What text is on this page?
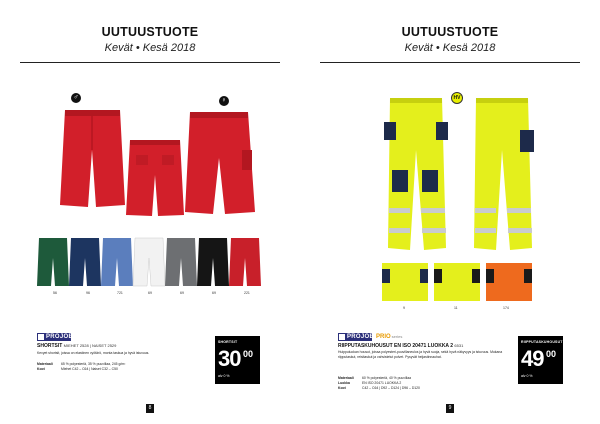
UUTUUSTUOTE
Kevät • Kesä 2018
♂	♀
56	96	721	69	69	69	221
PROJOB
SHORTSIT MIEHET 2528 | NAISET 2529
Kevyet shortsit, joissa on elastinen vyötärö, monta taskua ja hyvä istuvuus.
Materiaali 65 % polyesteriä, 35 % puuvillaa, 245 g/m²
Koot	Miehet C42 – C64 | Naiset C32 – C50
SHORTSIT
30 00
alv 0 %
8
UUTUUSTUOTE
Kevät • Kesä 2018
HV
9	11	174
PROJOB PRIOseries
RIIPPUTASKUHOUSUT EN ISO 20471 LUOKKA 2 6531
Huippuluokan housut, joissa polyesteri-puuvillaneulos ja hyvä suoja, sekä hyvä näkyvyys ja istuvuus. Mukana riipputaskut, reisitaskut ja vahvistetut polvet. Pysyvät heijastinnauhat.
Materiaali 60 % polyesteriä, 40 % puuvillaa
Luokka	EN ISO 20471 LUOKKA 2
Koot	C42 – C64 | D92 – D124 | D96 – D120
RIIPPUTASKUHOUSUT
49 00
alv 0 %
9
